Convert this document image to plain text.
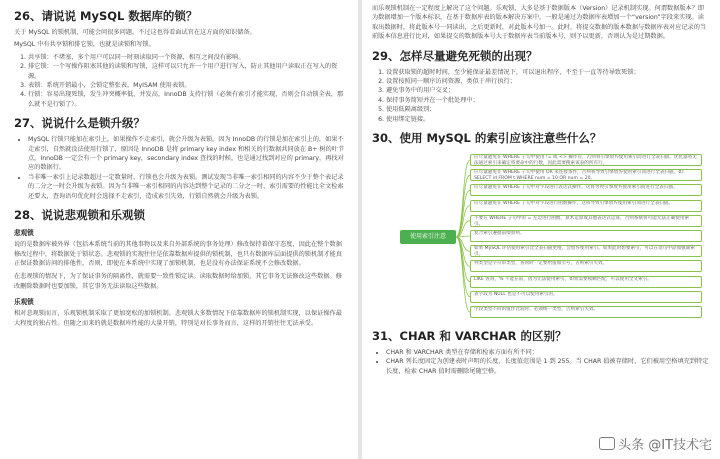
26、请说说 MySQL 数据库的锁？

关于 MySQL 的锁机制，可能会问很多问题，不过这也得看面试官在这方面的知识储备。

MySQL 中有共享锁和排它锁，也就是读锁和写锁。

1. 共享锁：不堵塞，多个用户可以同一时刻读取同一个资源，相互之间没有影响。
2. 排它锁：一个写操作阻塞其他的读锁和写锁，这样可以只允许一个用户进行写入，防止其他用户读取正在写入的资源。
3. 表锁：系统开销最小，会锁定整张表，MyISAM 使用表锁。
4. 行锁：容易出现死锁，发生冲突概率低，并发高，InnoDB 支持行锁（必须有索引才能实现，否则会自动锁全表，那么就不是行锁了）。
27、说说什么是锁升级？
• MySQL 行锁只能加在索引上，如果操作不走索引，就会升级为表锁。因为 InnoDB 的行锁是加在索引上的，如果不走索引，自然就没法使用行锁了，原因是 InnoDB 是将 primary key index 和相关的行数据共同放在 B+ 树的叶节点。InnoDB 一定会有一个 primary key，secondary index 查找的时候，也是通过找到对应的 primary，再找对应的数据行。
• 当非唯一索引上记录数超过一定数量时，行锁也会升级为表锁。测试发现当非唯一索引相同的内容不少于整个表记录的二分之一时会升级为表锁。因为当非唯一索引相同的内容达到整个记录的二分之一时，索引需要的性能比全文检索还要大，查询语句优化时会选择不走索引，造成索引失效，行锁自然就会升级为表锁。
28、说说悲观锁和乐观锁
悲观锁

说的是数据库被外界（包括本系统当前的其他事物以及来自外部系统的事务处理）修改保持着保守态度，因此在整个数据修改过程中，将数据处于锁状态。悲观锁的实现往往是依靠数据库提供的锁机制，也只有数据库层面提供的锁机制才能真正保证数据访问的排他性，否则，即使在本系统中实现了加锁机制，也是没有办法保证系统不会修改数据。

在悲观锁的情况下，为了保证事务的隔离性，就需要一致性锁定读。读取数据时给加锁，其它事务无法修改这些数据。修改删除数据时也要加锁，其它事务无法读取这些数据。

乐观锁

相对悲观锁而言，乐观锁机制采取了更加宽松的加锁机制。悲观锁大多数情况下依靠数据库的锁机制实现，以保证操作最大程度的独占性。但随之而来的就是数据库性能的大量开销，特别是对长事务而言，这样的开销往往无法承受。

而乐观锁机制在一定程度上解决了这个问题。乐观锁，大多是基于数据版本（Version）记录机制实现。何谓数据版本？即为数据增加一个版本标识，在基于数据库表的版本解决方案中，一般是通过为数据库表增加一个“version”字段来实现。读取出数据时，将此版本号一同读出，之后更新时，对此版本号加一。此时，将提交数据的版本数据与数据库表对应记录的当前版本信息进行比对，如果提交的数据版本号大于数据库表当前版本号，则予以更新，否则认为是过期数据。

29、怎样尽量避免死锁的出现？
1. 设置获取锁的超时时间，至少能保证最差情况下，可以退出程序，不至于一直等待导致死锁；
2. 设置按照同一顺序访问资源，类似于串行执行；
3. 避免事务中的用户交叉；
4. 保持事务简短并在一个批处理中；
5. 使用低隔离级别；
6. 使用绑定链接。
30、使用 MySQL 的索引应该注意些什么？
使用索引注意
应尽量避免在 WHERE 子句中使用 != 或 <> 操作符，否则将引擎放弃使用索引而进行全表扫描。优化器将无法通过索引来确定将要命中的行数，因此需要搜索该表的所有行。
应尽量避免在 WHERE 子句中使用 OR 来连接条件，否则将导致引擎放弃使用索引而进行全表扫描，如：SELECT id FROM t WHERE num = 10 OR num = 20。
应尽量避免在 WHERE 子句中对字段进行表达式操作，这将导致引擎放弃使用索引而进行全表扫描。
应尽量避免在 WHERE 子句中对字段进行函数操作，这将导致引擎放弃使用索引而进行全表扫描。
不要在 WHERE 子句中的 = 左边进行函数、算术运算或其他表达式运算，否则系统将可能无法正确使用索引。
复合索引遵循前缀原则。
如果 MySQL 评估使用索引比全表扫描更慢，会放弃使用索引。如果此时想要索引，可以在语句中添加强制索引。
列类型是字符串类型，查询时一定要给值加引号，否则索引失效。
LIKE 查询，% 不能在前，因为无法使用索引。如果需要模糊匹配，可以使用全文索引。
表字段为 NULL 也是不可以使用索引的。
字段类型不同的值作比较时，必须统一类型，否则索引失效。
31、CHAR 和 VARCHAR 的区别？
• CHAR 和 VARCHAR 类型在存储和检索方面有所不同；
• CHAR 列长度固定为创建表时声明的长度，长度值范围是 1 到 255。当 CHAR 值被存储时，它们被用空格填充到特定长度，检索 CHAR 值时需删除尾随空格。
头条 @IT技术宅
